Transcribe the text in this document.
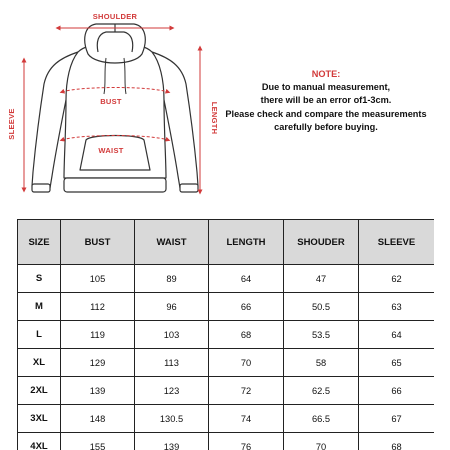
SHOULDER
BUST
WAIST
LENGTH
SLEEVE
NOTE:
Due to manual measurement,
there will be an error of1-3cm.
Please check and compare the measurements
carefully before buying.
SIZE	BUST	WAIST	LENGTH	SHOUDER	SLEEVE
S	105	89	64	47	62
M	112	96	66	50.5	63
L	119	103	68	53.5	64
XL	129	113	70	58	65
2XL	139	123	72	62.5	66
3XL	148	130.5	74	66.5	67
4XL	155	139	76	70	68
